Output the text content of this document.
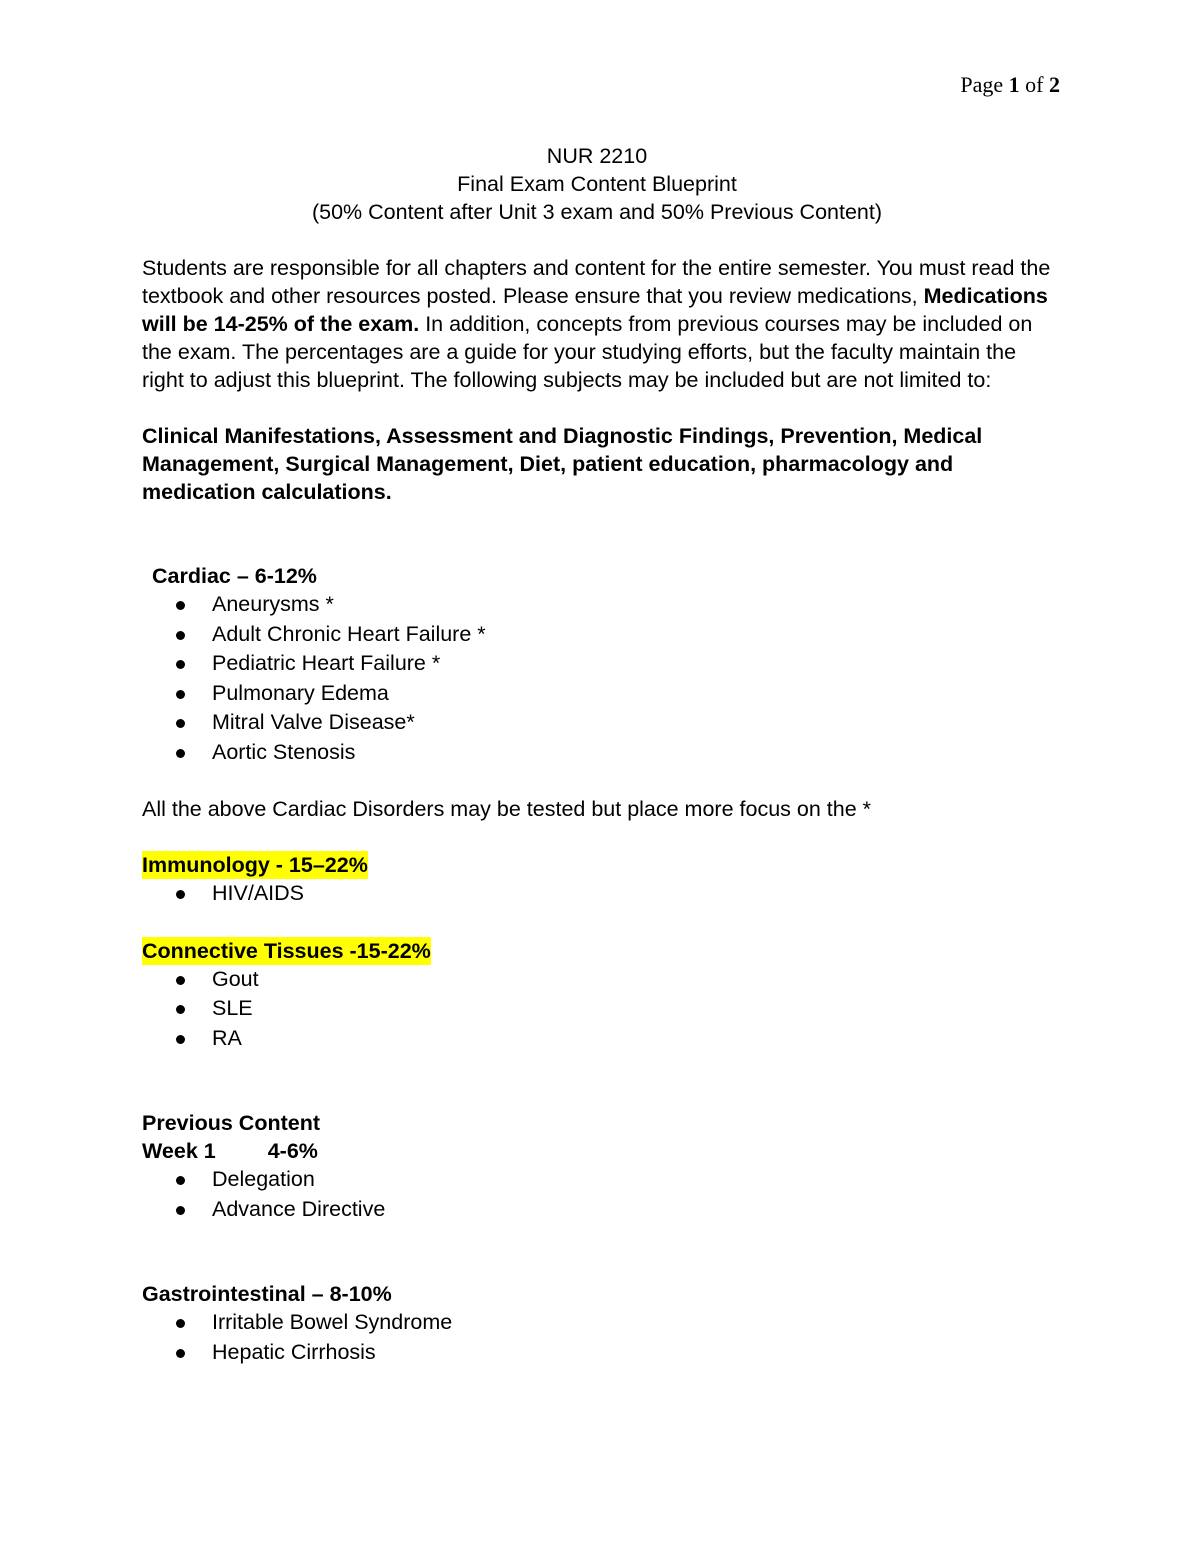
Page 1 of 2
NUR 2210
Final Exam Content Blueprint
(50% Content after Unit 3 exam and 50% Previous Content)

Students are responsible for all chapters and content for the entire semester. You must read the textbook and other resources posted. Please ensure that you review medications, Medications will be 14-25% of the exam. In addition, concepts from previous courses may be included on the exam. The percentages are a guide for your studying efforts, but the faculty maintain the right to adjust this blueprint. The following subjects may be included but are not limited to:

Clinical Manifestations, Assessment and Diagnostic Findings, Prevention, Medical Management, Surgical Management, Diet, patient education, pharmacology and medication calculations.

Cardiac – 6-12%
Aneurysms *
Adult Chronic Heart Failure *
Pediatric Heart Failure *
Pulmonary Edema
Mitral Valve Disease*
Aortic Stenosis

All the above Cardiac Disorders may be tested but place more focus on the *

Immunology - 15–22%
HIV/AIDS
Connective Tissues -15-22%
Gout
SLE
RA
Previous Content
Week 1 4-6%
Delegation
Advance Directive
Gastrointestinal – 8-10%
Irritable Bowel Syndrome
Hepatic Cirrhosis
